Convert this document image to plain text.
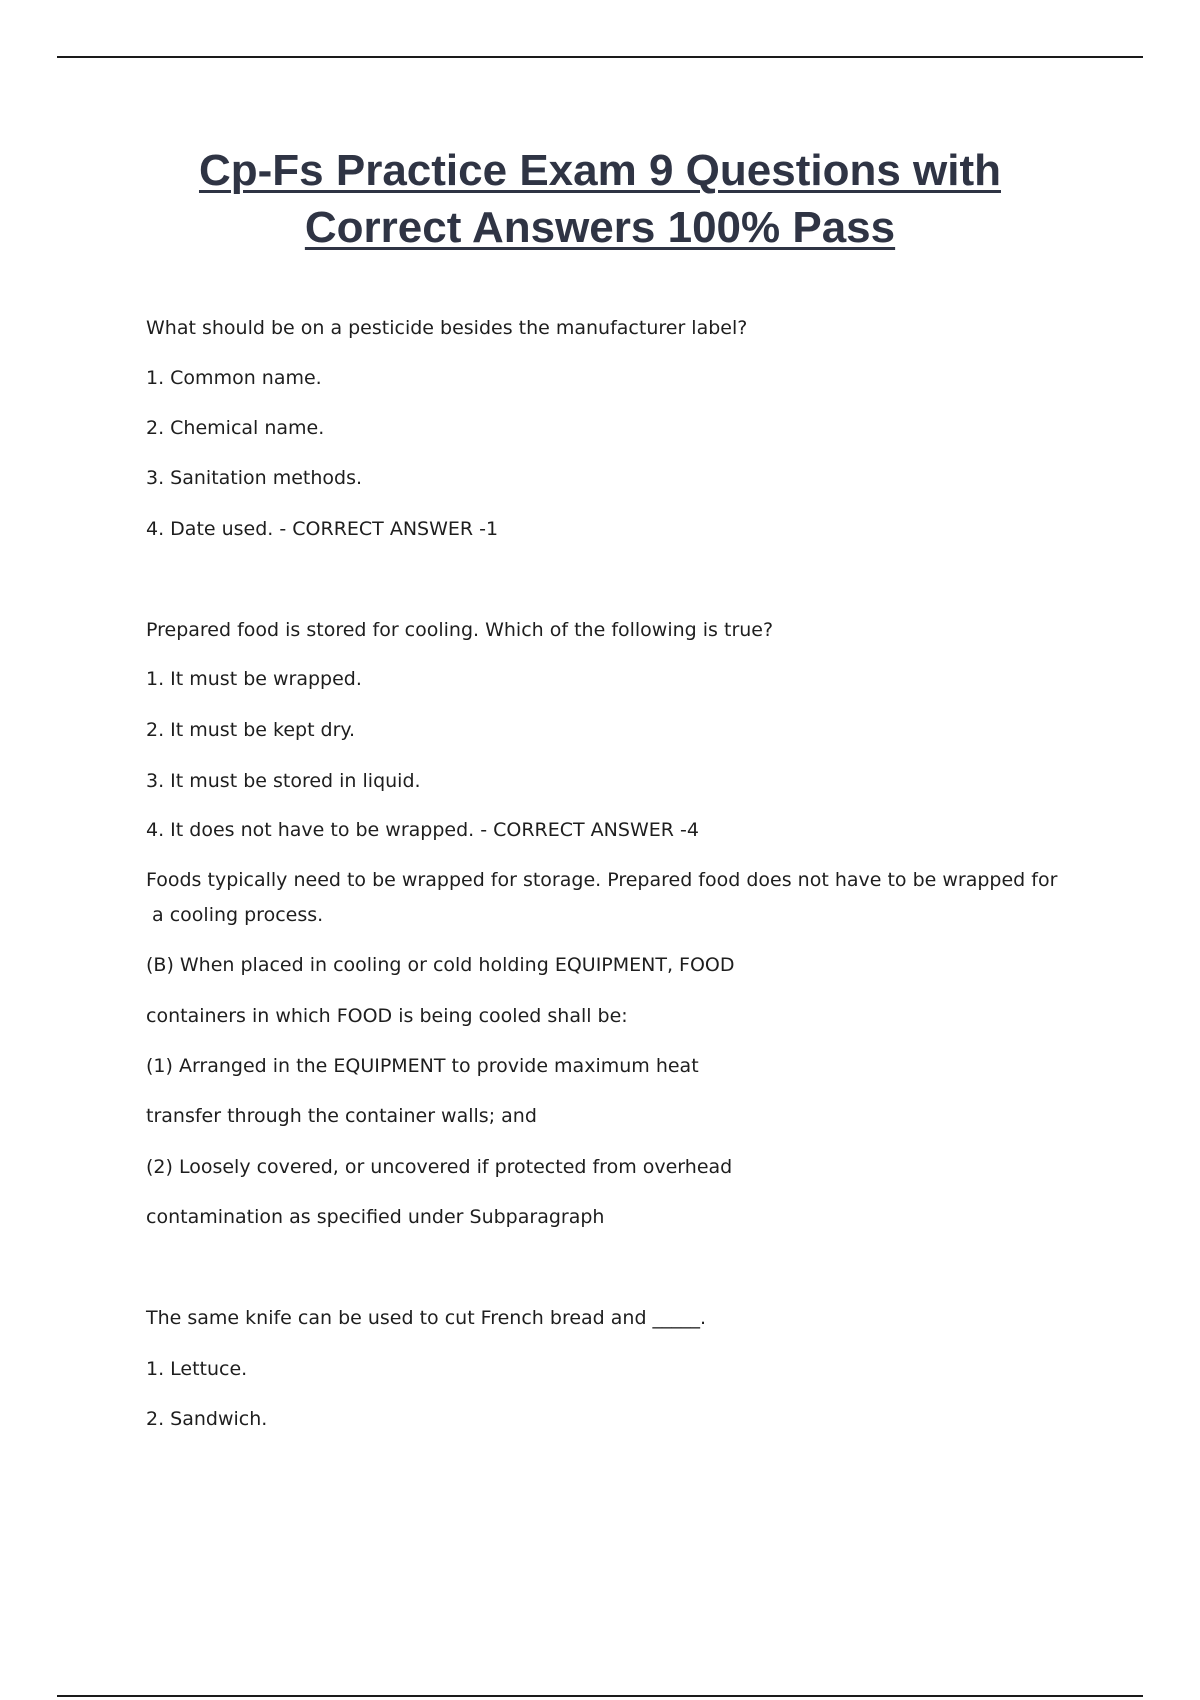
Cp-Fs Practice Exam 9 Questions with
Correct Answers 100% Pass

What should be on a pesticide besides the manufacturer label?

1. Common name.

2. Chemical name.

3. Sanitation methods.

4. Date used. - CORRECT ANSWER -1

Prepared food is stored for cooling. Which of the following is true?

1. It must be wrapped.

2. It must be kept dry.

3. It must be stored in liquid.

4. It does not have to be wrapped. - CORRECT ANSWER -4

Foods typically need to be wrapped for storage. Prepared food does not have to be wrapped for

a cooling process.

(B) When placed in cooling or cold holding EQUIPMENT, FOOD

containers in which FOOD is being cooled shall be:

(1) Arranged in the EQUIPMENT to provide maximum heat

transfer through the container walls; and

(2) Loosely covered, or uncovered if protected from overhead

contamination as specified under Subparagraph

The same knife can be used to cut French bread and _____.

1. Lettuce.

2. Sandwich.
